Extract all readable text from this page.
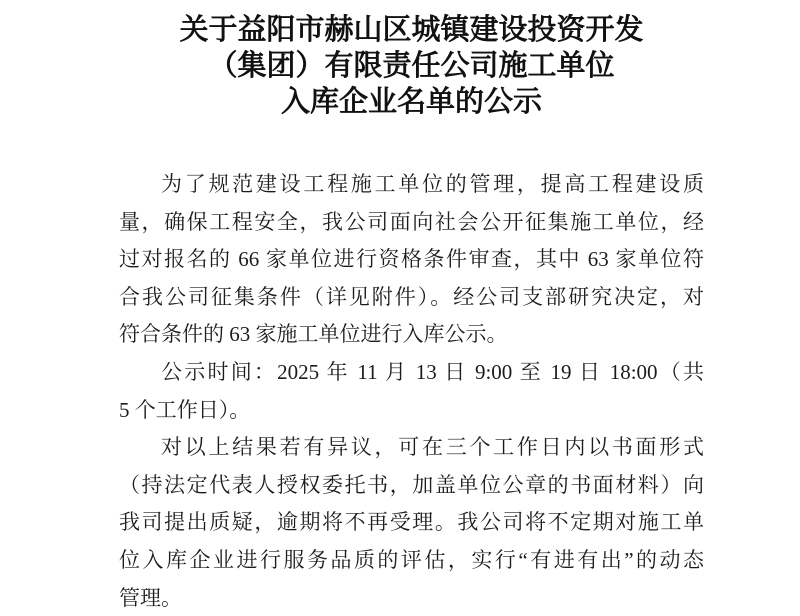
关于益阳市赫山区城镇建设投资开发
（集团）有限责任公司施工单位
入库企业名单的公示

为了规范建设工程施工单位的管理，提高工程建设质

量，确保工程安全，我公司面向社会公开征集施工单位，经

过对报名的 66 家单位进行资格条件审查，其中 63 家单位符

合我公司征集条件（详见附件）。经公司支部研究决定，对

符合条件的 63 家施工单位进行入库公示。

公示时间：2025 年 11 月 13 日 9:00 至 19 日 18:00（共

5 个工作日）。

对以上结果若有异议，可在三个工作日内以书面形式

（持法定代表人授权委托书，加盖单位公章的书面材料）向

我司提出质疑，逾期将不再受理。我公司将不定期对施工单

位入库企业进行服务品质的评估，实行“有进有出”的动态

管理。
